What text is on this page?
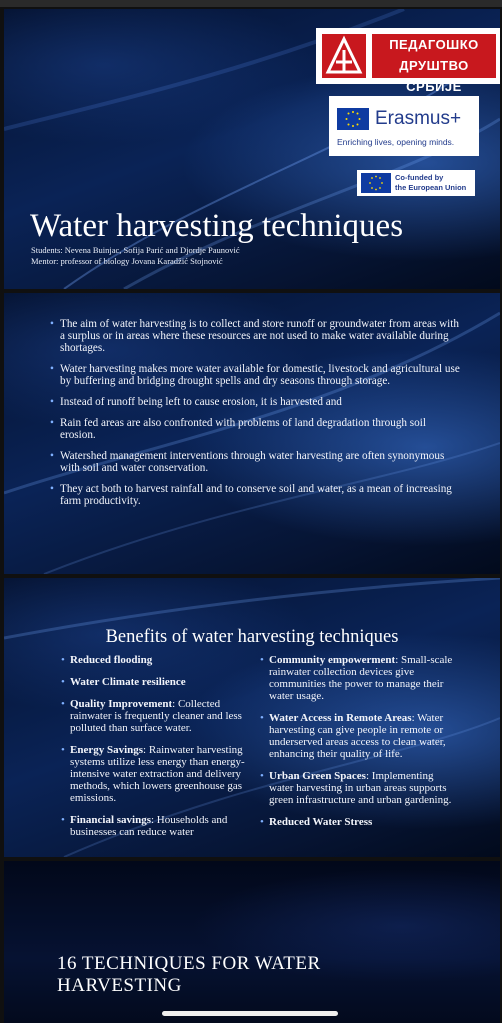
ПЕДАГОШКО
ДРУШТВО СРБИЈЕ
Erasmus+
Enriching lives, opening minds.
Co-funded by
the European Union
Water harvesting techniques
Students: Nevena Buinjac, Sofija Parić and Djordje Paunović
Mentor: professor of biology Jovana Karadžić Stojnović
• The aim of water harvesting is to collect and store runoff or groundwater from areas with a surplus or in areas where these resources are not used to make water available during shortages.
• Water harvesting makes more water available for domestic, livestock and agricultural use by buffering and bridging drought spells and dry seasons through storage.
• Instead of runoff being left to cause erosion, it is harvested and
• Rain fed areas are also confronted with problems of land degradation through soil erosion.
• Watershed management interventions through water harvesting are often synonymous with soil and water conservation.
• They act both to harvest rainfall and to conserve soil and water, as a mean of increasing farm productivity.
Benefits of water harvesting techniques
• Reduced flooding
• Water Climate resilience
• Quality Improvement: Collected rainwater is frequently cleaner and less polluted than surface water.
• Energy Savings: Rainwater harvesting systems utilize less energy than energy-intensive water extraction and delivery methods, which lowers greenhouse gas emissions.
• Financial savings: Households and businesses can reduce water
• Community empowerment: Small-scale rainwater collection devices give communities the power to manage their water usage.
• Water Access in Remote Areas: Water harvesting can give people in remote or underserved areas access to clean water, enhancing their quality of life.
• Urban Green Spaces: Implementing water harvesting in urban areas supports green infrastructure and urban gardening.
• Reduced Water Stress
16 TECHNIQUES FOR WATER HARVESTING
